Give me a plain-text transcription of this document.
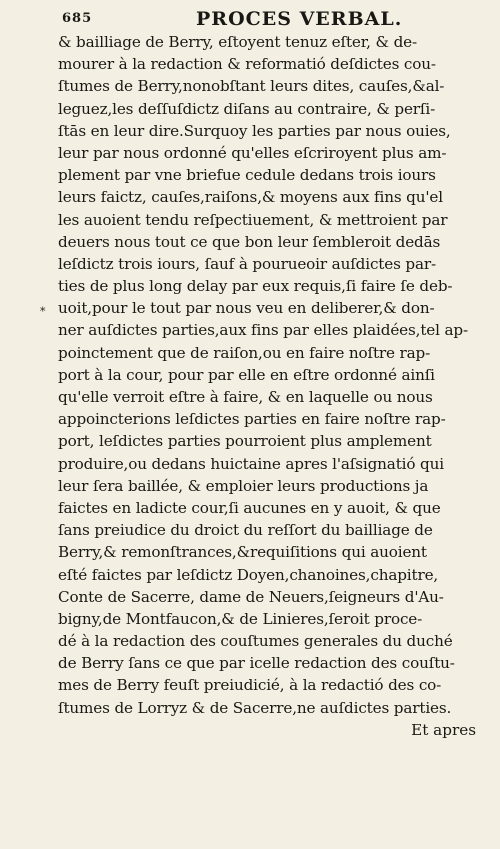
685	PROCES VERBAL.
*
& bailliage de Berry, eſtoyent tenuz eſter, & de-
mourer à la redaction & reformatió deſdictes cou-
ſtumes de Berry,nonobſtant leurs dites, cauſes,&al-
leguez,les deſſuſdictz diſans au contraire, & perſi-
ſtās en leur dire.Surquoy les parties par nous ouies,
leur par nous ordonné qu'elles eſcriroyent plus am-
plement par vne briefue cedule dedans trois iours
leurs faictz, cauſes,raiſons,& moyens aux fins qu'el
les auoient tendu reſpectiuement, & mettroient par
deuers nous tout ce que bon leur ſembleroit dedās
leſdictz trois iours, ſauf à pourueoir auſdictes par-
ties de plus long delay par eux requis,ſi faire ſe deb-
uoit,pour le tout par nous veu en deliberer,& don-
ner auſdictes parties,aux fins par elles plaidées,tel ap-
poinctement que de raiſon,ou en faire noſtre rap-
port à la cour, pour par elle en eſtre ordonné ainſi
qu'elle verroit eſtre à faire, & en laquelle ou nous
appoincterions leſdictes parties en faire noſtre rap-
port, leſdictes parties pourroient plus amplement
produire,ou dedans huictaine apres l'aſsignatió qui
leur ſera baillée, & emploier leurs productions ja
faictes en ladicte cour,ſi aucunes en y auoit, & que
ſans preiudice du droict du reſſort du bailliage de
Berry,& remonſtrances,&requiſitions qui auoient
eſté faictes par leſdictz Doyen,chanoines,chapitre,
Conte de Sacerre, dame de Neuers,ſeigneurs d'Au-
bigny,de Montfaucon,& de Linieres,ſeroit proce-
dé à la redaction des couſtumes generales du duché
de Berry ſans ce que par icelle redaction des couſtu-
mes de Berry feuſt preiudicié, à la redactió des co-
ſtumes de Lorryz & de Sacerre,ne auſdictes parties.
Et apres
